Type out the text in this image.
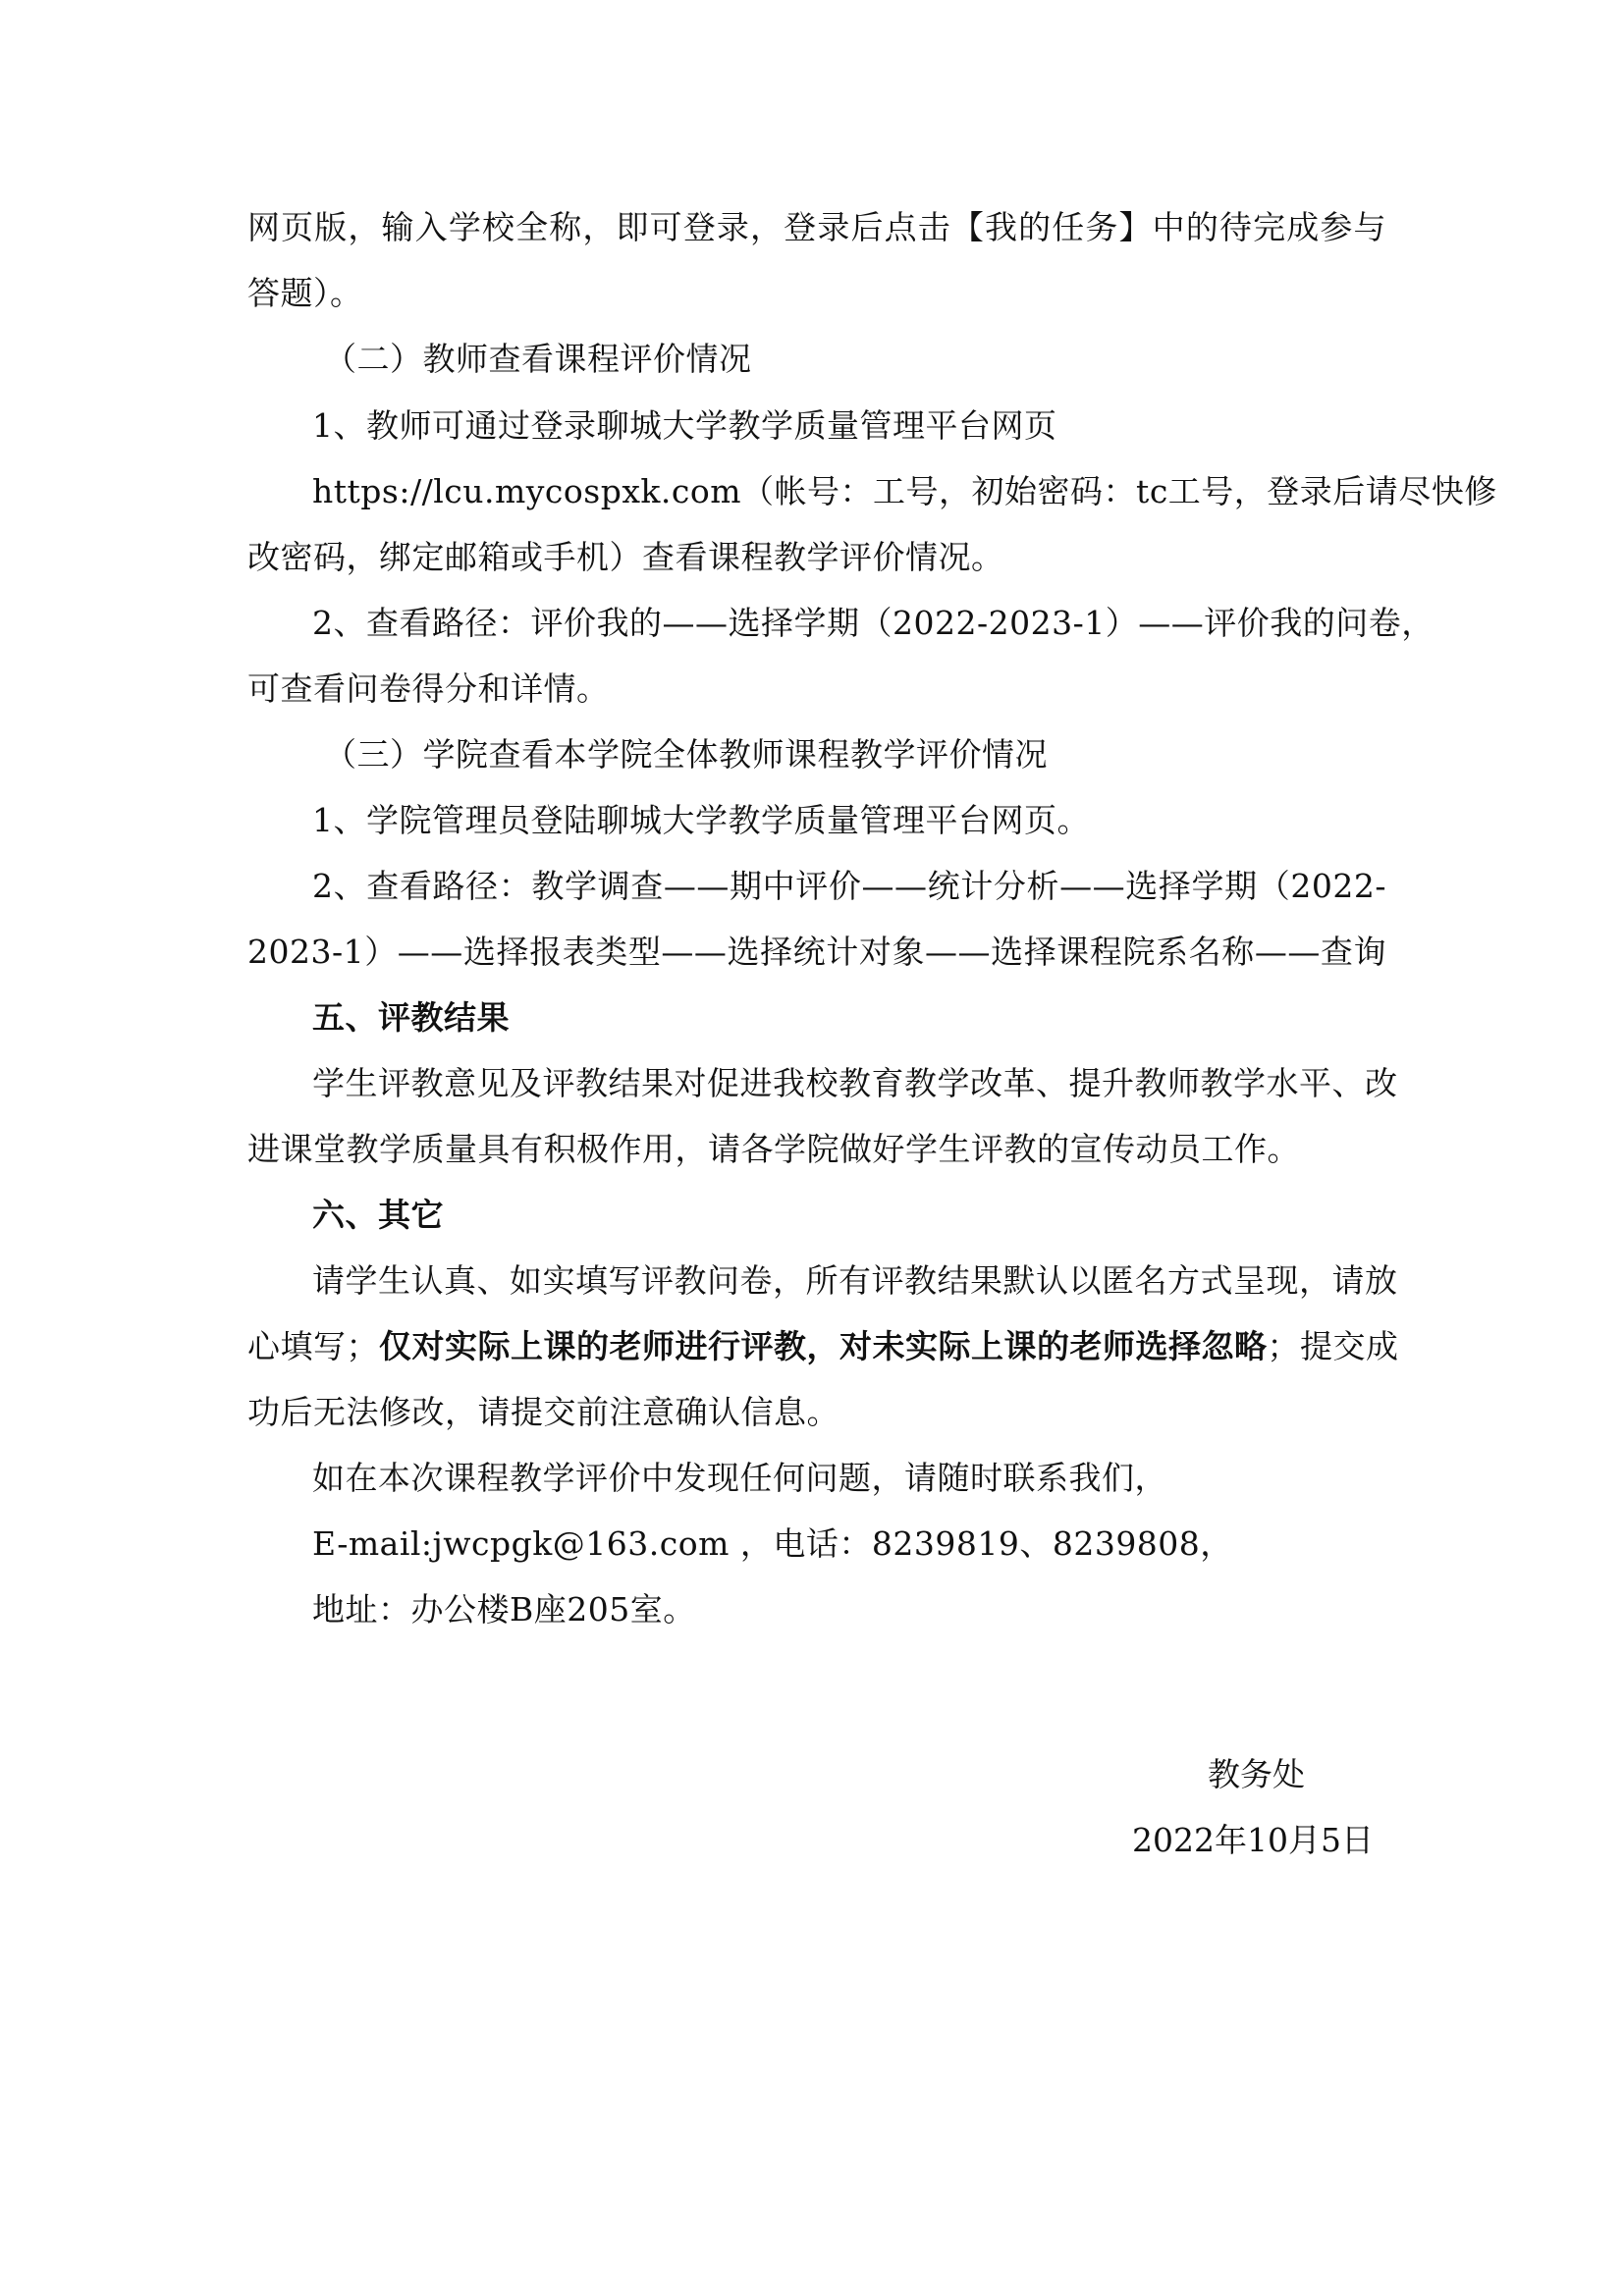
网页版，输入学校全称，即可登录，登录后点击【我的任务】中的待完成参与
答题）。
（二）教师查看课程评价情况
1、教师可通过登录聊城大学教学质量管理平台网页
https://lcu.mycospxk.com（帐号：工号，初始密码：tc工号，登录后请尽快修
改密码，绑定邮箱或手机）查看课程教学评价情况。
2、查看路径：评价我的——选择学期（2022-2023-1）——评价我的问卷，
可查看问卷得分和详情。
（三）学院查看本学院全体教师课程教学评价情况
1、学院管理员登陆聊城大学教学质量管理平台网页。
2、查看路径：教学调查——期中评价——统计分析——选择学期（2022-
2023-1）——选择报表类型——选择统计对象——选择课程院系名称——查询
五、评教结果
学生评教意见及评教结果对促进我校教育教学改革、提升教师教学水平、改
进课堂教学质量具有积极作用，请各学院做好学生评教的宣传动员工作。
六、其它
请学生认真、如实填写评教问卷，所有评教结果默认以匿名方式呈现，请放
心填写；仅对实际上课的老师进行评教，对未实际上课的老师选择忽略；提交成
功后无法修改，请提交前注意确认信息。
如在本次课程教学评价中发现任何问题，请随时联系我们，
E-mail:jwcpgk@163.com ，电话：8239819、8239808，
地址：办公楼B座205室。
教务处
2022年10月5日
